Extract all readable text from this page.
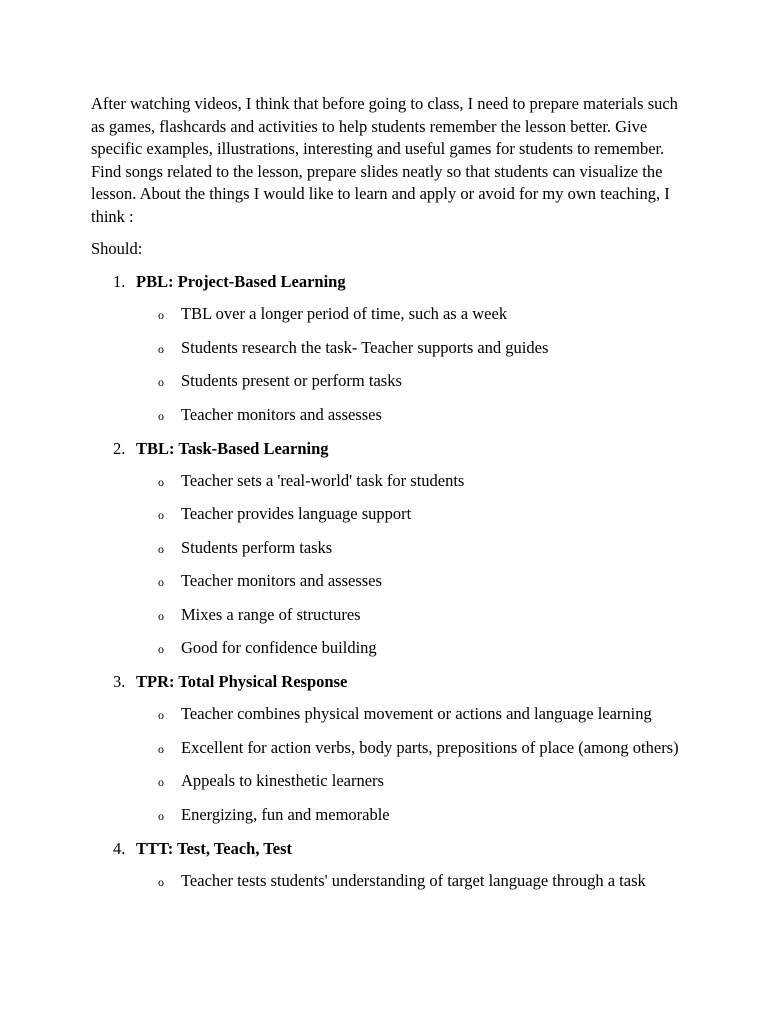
After watching videos, I think that before going to class, I need to prepare materials such as games, flashcards and activities to help students remember the lesson better. Give specific examples, illustrations, interesting and useful games for students to remember. Find songs related to the lesson, prepare slides neatly so that students can visualize the lesson. About the things I would like to learn and apply or avoid for my own teaching, I think :

Should:

1. PBL: Project-Based Learning
o	TBL over a longer period of time, such as a week
o	Students research the task- Teacher supports and guides
o	Students present or perform tasks
o	Teacher monitors and assesses
2. TBL: Task-Based Learning
o	Teacher sets a 'real-world' task for students
o	Teacher provides language support
o	Students perform tasks
o	Teacher monitors and assesses
o	Mixes a range of structures
o	Good for confidence building
3. TPR: Total Physical Response
o	Teacher combines physical movement or actions and language learning
o	Excellent for action verbs, body parts, prepositions of place (among others)
o	Appeals to kinesthetic learners
o	Energizing, fun and memorable
4. TTT: Test, Teach, Test
o	Teacher tests students' understanding of target language through a task
